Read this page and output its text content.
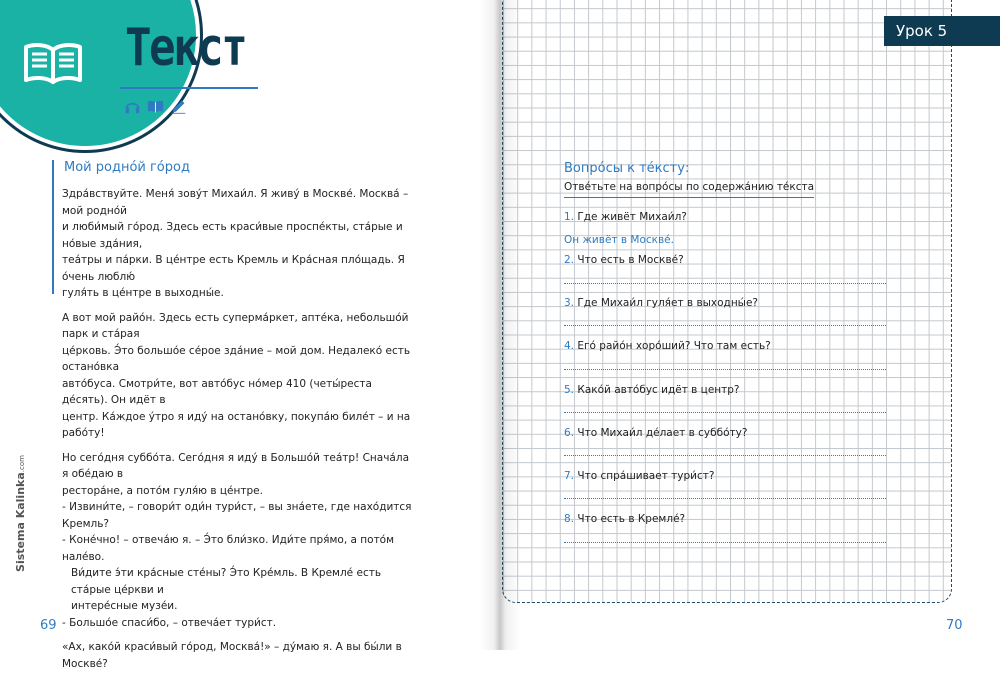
Текст
Мой родно́й го́род

Здра́вствуйте. Меня́ зову́т Михаи́л. Я живу́ в Москве́. Москва́ – мой родно́й
и люби́мый го́род. Здесь есть краси́вые проспе́кты, ста́рые и но́вые зда́ния,
теа́тры и па́рки. В це́нтре есть Кремль и Кра́сная пло́щадь. Я о́чень люблю́
гуля́ть в це́нтре в выходны́е.

А вот мой райо́н. Здесь есть суперма́ркет, апте́ка, небольшо́й парк и ста́рая
це́рковь. Э́то большо́е се́рое зда́ние – мой дом. Недалеко́ есть остано́вка
авто́буса. Смотри́те, вот авто́бус но́мер 410 (четы́реста де́сять). Он идёт в
центр. Ка́ждое у́тро я иду́ на остано́вку, покупа́ю биле́т – и на рабо́ту!

Но сего́дня суббо́та. Сего́дня я иду́ в Большо́й теа́тр! Снача́ла я обе́даю в
рестора́не, а пото́м гуля́ю в це́нтре.

- Извини́те, – говори́т оди́н тури́ст, – вы зна́ете, где нахо́дится Кремль?
- Коне́чно! – отвеча́ю я. – Э́то бли́зко. Иди́те пря́мо, а пото́м нале́во.
Ви́дите э́ти кра́сные сте́ны? Э́то Кре́мль. В Кремле́ есть ста́рые це́ркви и
интере́сные музе́и.
- Большо́е спаси́бо, – отвеча́ет тури́ст.

«Ах, како́й краси́вый го́род, Москва́!» – ду́маю я. А вы бы́ли в Москве́?

Sistema Kalinka.com
69	70
Урок 5
Вопро́сы к те́ксту:
Отве́тьте на вопро́сы по содержа́нию те́кста
1. Где живёт Михаи́л?
Он живёт в Москве́.
2. Что есть в Москве́?
3. Где Михаи́л гуля́ет в выходны́е?
4. Его́ райо́н хоро́ший? Что там есть?
5. Како́й авто́бус идёт в центр?
6. Что Михаи́л де́лает в суббо́ту?
7. Что спра́шивает тури́ст?
8. Что есть в Кремле́?
